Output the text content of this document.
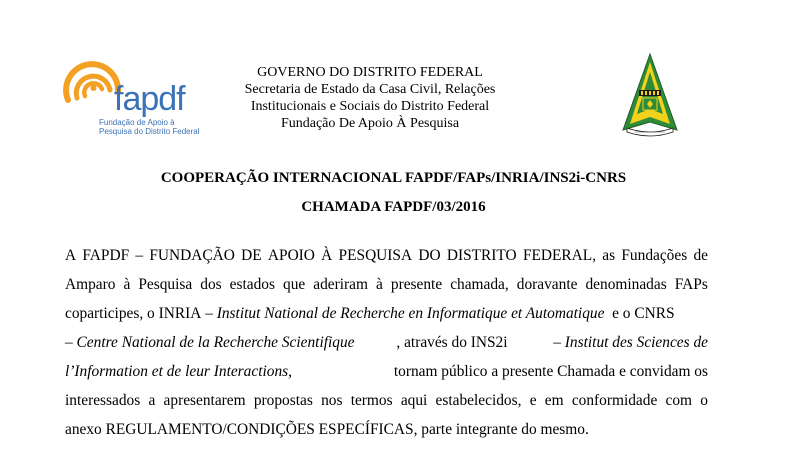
fapdf
Fundação de Apoio à
Pesquisa do Distrito Federal
GOVERNO DO DISTRITO FEDERAL
Secretaria de Estado da Casa Civil, Relações
Institucionais e Sociais do Distrito Federal
Fundação De Apoio À Pesquisa
COOPERAÇÃO INTERNACIONAL FAPDF/FAPs/INRIA/INS2i-CNRS
CHAMADA FAPDF/03/2016
A FAPDF – FUNDAÇÃO DE APOIO À PESQUISA DO DISTRITO FEDERAL, as Fundações de
Amparo à Pesquisa dos estados que aderiram à presente chamada, doravante denominadas FAPs
coparticipes, o INRIA – Institut National de Recherche en Informatique et Automatique e o CNRS
– Centre National de la Recherche Scientifique	, através do INS2i	– Institut des Sciences de
l’Information et de leur Interactions,	tornam público a presente Chamada e convidam os
interessados a apresentarem propostas nos termos aqui estabelecidos, e em conformidade com o
anexo REGULAMENTO/CONDIÇÕES ESPECÍFICAS, parte integrante do mesmo.
